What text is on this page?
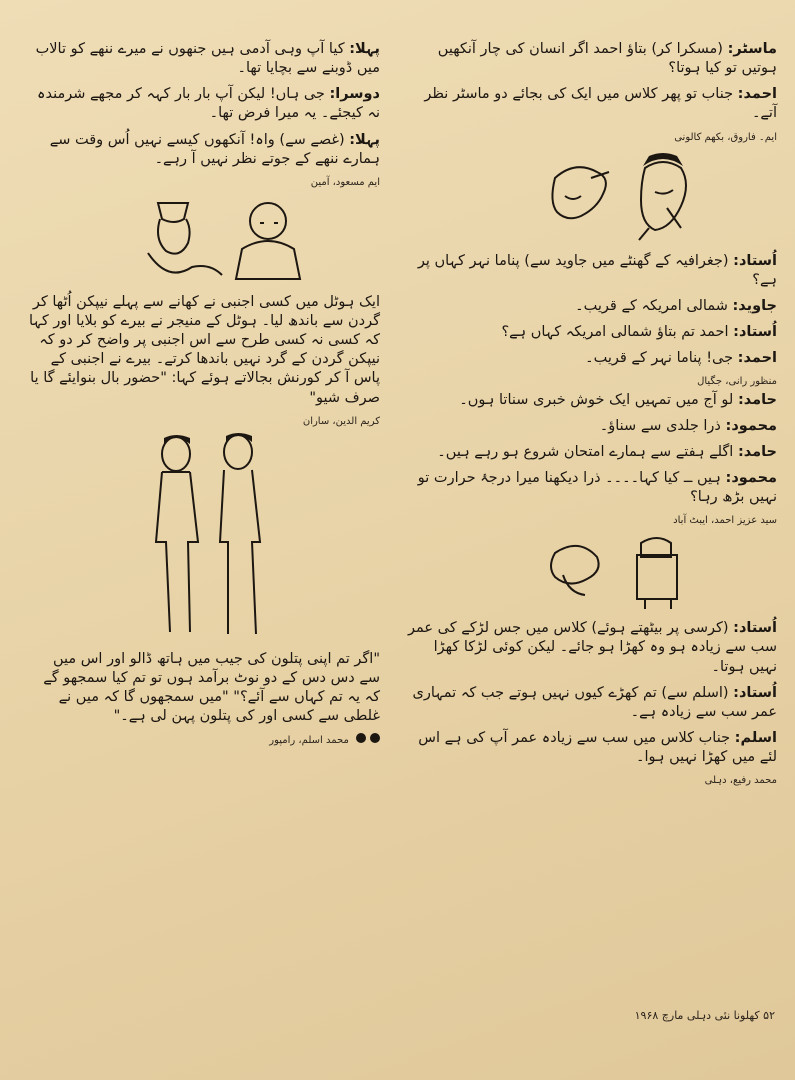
ماسٹر: (مسکرا کر) بتاؤ احمد اگر انسان کی چار آنکھیں ہوتیں تو کیا ہوتا؟

احمد: جناب تو پھر کلاس میں ایک کی بجائے دو ماسٹر نظر آتے۔

ایم۔ فاروق، بکھم کالونی

اُستاد: (جغرافیہ کے گھنٹے میں جاوید سے) پناما نہر کہاں پر ہے؟

جاوید: شمالی امریکہ کے قریب۔

اُستاد: احمد تم بتاؤ شمالی امریکہ کہاں ہے؟

احمد: جی! پناما نہر کے قریب۔

منظور رانی، جگیال

حامد: لو آج میں تمہیں ایک خوش خبری سناتا ہوں۔

محمود: ذرا جلدی سے سناؤ۔

حامد: اگلے ہفتے سے ہمارے امتحان شروع ہو رہے ہیں۔

محمود: ہیں ــ کیا کہا۔۔۔۔ ذرا دیکھنا میرا درجۂ حرارت تو نہیں بڑھ رہا؟

سید عزیز احمد، ایبٹ آباد

اُستاد: (کرسی پر بیٹھتے ہوئے) کلاس میں جس لڑکے کی عمر سب سے زیادہ ہو وہ کھڑا ہو جائے۔ لیکن کوئی لڑکا کھڑا نہیں ہوتا۔

اُستاد: (اسلم سے) تم کھڑے کیوں نہیں ہوتے جب کہ تمہاری عمر سب سے زیادہ ہے۔

اسلم: جناب کلاس میں سب سے زیادہ عمر آپ کی ہے اس لئے میں کھڑا نہیں ہوا۔

محمد رفیع، دہلی

پہلا: کیا آپ وہی آدمی ہیں جنھوں نے میرے ننھے کو تالاب میں ڈوبنے سے بچایا تھا۔

دوسرا: جی ہاں! لیکن آپ بار بار کہہ کر مجھے شرمندہ نہ کیجئے۔ یہ میرا فرض تھا۔

پہلا: (غصے سے) واہ! آنکھوں کیسے نہیں اُس وقت سے ہمارے ننھے کے جوتے نظر نہیں آ رہے۔

ایم مسعود، آمین

ایک ہوٹل میں کسی اجنبی نے کھانے سے پہلے نیپکن اُٹھا کر گردن سے باندھ لیا۔ ہوٹل کے منیجر نے بیرے کو بلایا اور کہا کہ کسی نہ کسی طرح سے اس اجنبی پر واضح کر دو کہ نیپکن گردن کے گرد نہیں باندھا کرتے۔ بیرے نے اجنبی کے پاس آ کر کورنش بجالاتے ہوئے کہا: "حضور بال بنوایئے گا یا صرف شیو"

کریم الدین، ساران

"اگر تم اپنی پتلون کی جیب میں ہاتھ ڈالو اور اس میں سے دس دس کے دو نوٹ برآمد ہوں تو تم کیا سمجھو گے کہ یہ تم کہاں سے آئے؟" "میں سمجھوں گا کہ میں نے غلطی سے کسی اور کی پتلون پہن لی ہے۔"

محمد اسلم، رامپور
۵۲ کھلونا نئی دہلی مارچ ۱۹۶۸
